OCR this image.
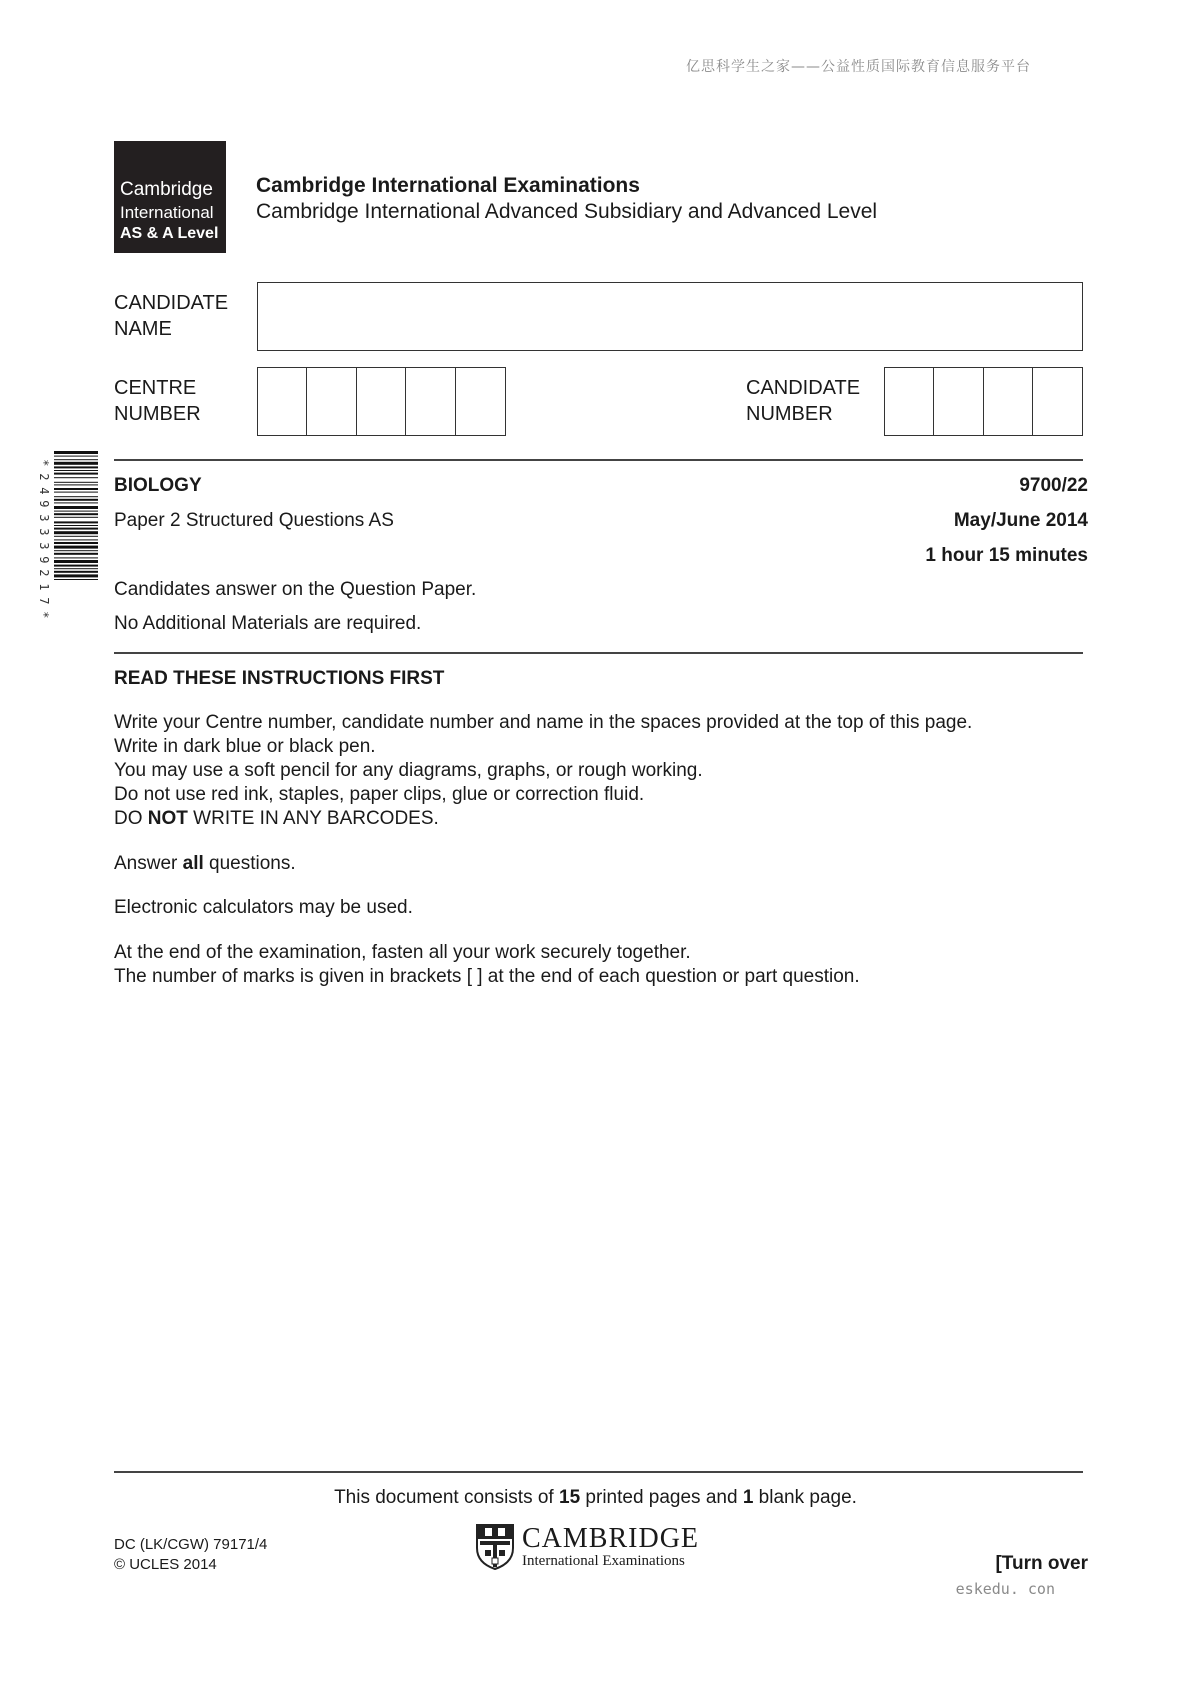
亿思科学生之家——公益性质国际教育信息服务平台
Cambridge
International
AS & A Level
Cambridge International Examinations
Cambridge International Advanced Subsidiary and Advanced Level
CANDIDATE
NAME
CENTRE
NUMBER
CANDIDATE
NUMBER
*
2
4
9
3
3
3
9
2
1
7
*
BIOLOGY	9700/22
Paper 2 Structured Questions AS	May/June 2014
1 hour 15 minutes
Candidates answer on the Question Paper.
No Additional Materials are required.
READ THESE INSTRUCTIONS FIRST
Write your Centre number, candidate number and name in the spaces provided at the top of this page.
Write in dark blue or black pen.
You may use a soft pencil for any diagrams, graphs, or rough working.
Do not use red ink, staples, paper clips, glue or correction fluid.
DO NOT WRITE IN ANY BARCODES.
Answer all questions.
Electronic calculators may be used.
At the end of the examination, fasten all your work securely together.
The number of marks is given in brackets [ ] at the end of each question or part question.
This document consists of 15 printed pages and 1 blank page.
DC (LK/CGW) 79171/4
© UCLES 2014
CAMBRIDGE
International Examinations	[Turn over
eskedu. con
